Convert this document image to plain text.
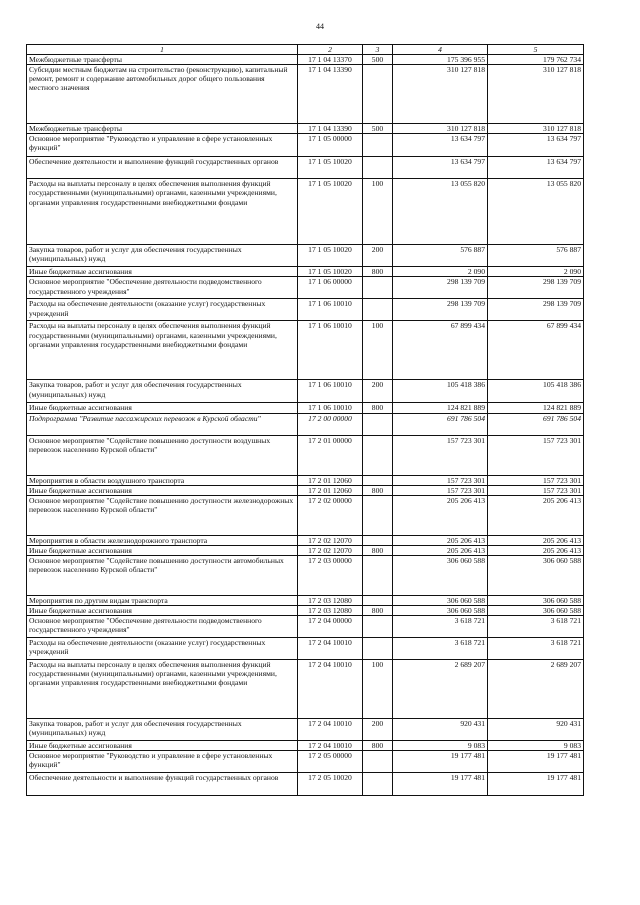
44
1	2	3	4	5
Межбюджетные трансферты	17 1 04 13370	500	175 396 955	179 762 734
Субсидии местным бюджетам на строительство (реконструкцию), капитальный ремонт, ремонт и содержание автомобильных дорог общего пользования местного значения	17 1 04 13390		310 127 818	310 127 818
Межбюджетные трансферты	17 1 04 13390	500	310 127 818	310 127 818
Основное мероприятие "Руководство и управление в сфере установленных функций"	17 1 05 00000		13 634 797	13 634 797
Обеспечение деятельности и выполнение функций государственных органов	17 1 05 10020		13 634 797	13 634 797
Расходы на выплаты персоналу в целях обеспечения выполнения функций государственными (муниципальными) органами, казенными учреждениями, органами управления государственными внебюджетными фондами	17 1 05 10020	100	13 055 820	13 055 820
Закупка товаров, работ и услуг для обеспечения государственных (муниципальных) нужд	17 1 05 10020	200	576 887	576 887
Иные бюджетные ассигнования	17 1 05 10020	800	2 090	2 090
Основное мероприятие "Обеспечение деятельности подведомственного государственного учреждения"	17 1 06 00000		298 139 709	298 139 709
Расходы на обеспечение деятельности (оказание услуг) государственных учреждений	17 1 06 10010		298 139 709	298 139 709
Расходы на выплаты персоналу в целях обеспечения выполнения функций государственными (муниципальными) органами, казенными учреждениями, органами управления государственными внебюджетными фондами	17 1 06 10010	100	67 899 434	67 899 434
Закупка товаров, работ и услуг для обеспечения государственных (муниципальных) нужд	17 1 06 10010	200	105 418 386	105 418 386
Иные бюджетные ассигнования	17 1 06 10010	800	124 821 889	124 821 889
Подпрограмма "Развитие пассажирских перевозок в Курской области"	17 2 00 00000		691 786 504	691 786 504
Основное мероприятие "Содействие повышению доступности воздушных перевозок населению Курской области"	17 2 01 00000		157 723 301	157 723 301
Мероприятия в области воздушного транспорта	17 2 01 12060		157 723 301	157 723 301
Иные бюджетные ассигнования	17 2 01 12060	800	157 723 301	157 723 301
Основное мероприятие "Содействие повышению доступности железнодорожных перевозок населению Курской области"	17 2 02 00000		205 206 413	205 206 413
Мероприятия в области железнодорожного транспорта	17 2 02 12070		205 206 413	205 206 413
Иные бюджетные ассигнования	17 2 02 12070	800	205 206 413	205 206 413
Основное мероприятие "Содействие повышению доступности автомобильных перевозок населению Курской области"	17 2 03 00000		306 060 588	306 060 588
Мероприятия по другим видам транспорта	17 2 03 12080		306 060 588	306 060 588
Иные бюджетные ассигнования	17 2 03 12080	800	306 060 588	306 060 588
Основное мероприятие "Обеспечение деятельности подведомственного государственного учреждения"	17 2 04 00000		3 618 721	3 618 721
Расходы на обеспечение деятельности (оказание услуг) государственных учреждений	17 2 04 10010		3 618 721	3 618 721
Расходы на выплаты персоналу в целях обеспечения выполнения функций государственными (муниципальными) органами, казенными учреждениями, органами управления государственными внебюджетными фондами	17 2 04 10010	100	2 689 207	2 689 207
Закупка товаров, работ и услуг для обеспечения государственных (муниципальных) нужд	17 2 04 10010	200	920 431	920 431
Иные бюджетные ассигнования	17 2 04 10010	800	9 083	9 083
Основное мероприятие "Руководство и управление в сфере установленных функций"	17 2 05 00000		19 177 481	19 177 481
Обеспечение деятельности и выполнение функций государственных органов	17 2 05 10020		19 177 481	19 177 481
